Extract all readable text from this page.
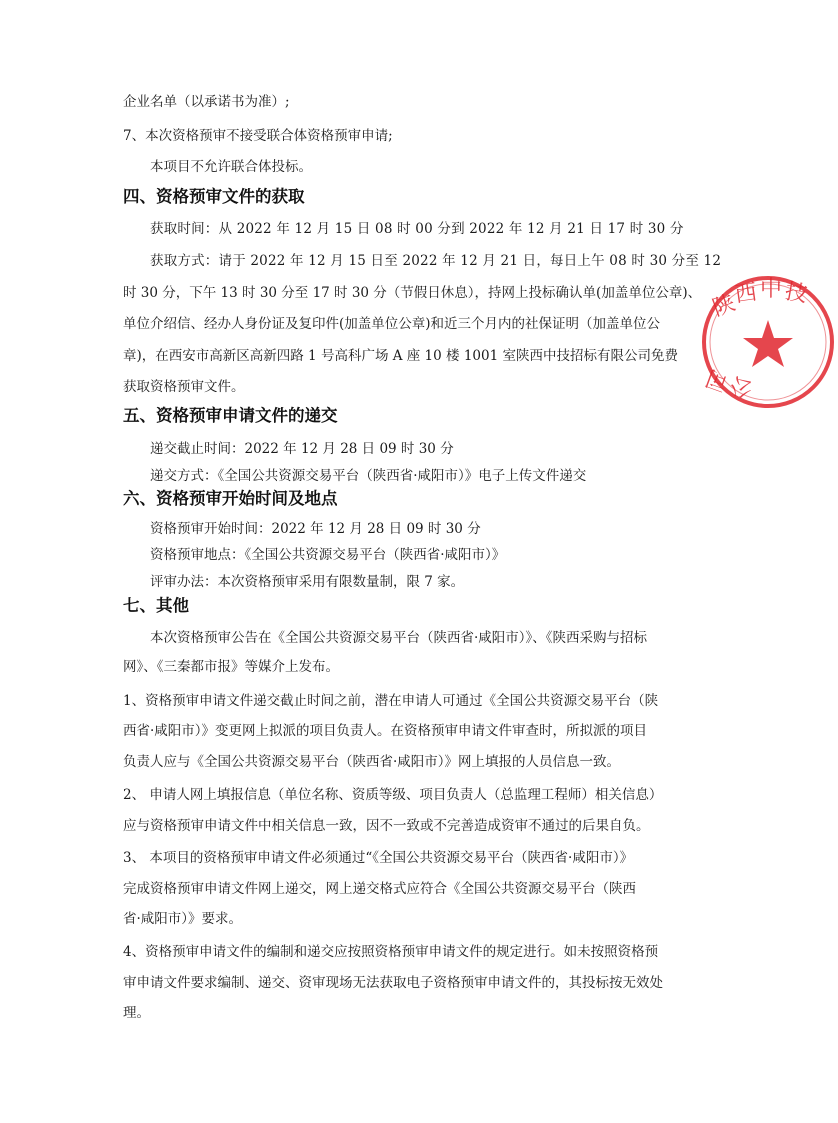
企业名单（以承诺书为准）;
7、本次资格预审不接受联合体资格预审申请;
本项目不允许联合体投标。
四、资格预审文件的获取
获取时间：从 2022 年 12 月 15 日 08 时 00 分到 2022 年 12 月 21 日 17 时 30 分
获取方式：请于 2022 年 12 月 15 日至 2022 年 12 月 21 日，每日上午 08 时 30 分至 12
时 30 分，下午 13 时 30 分至 17 时 30 分（节假日休息），持网上投标确认单(加盖单位公章)、
单位介绍信、经办人身份证及复印件(加盖单位公章)和近三个月内的社保证明（加盖单位公
章)，在西安市高新区高新四路 1 号高科广场 A 座 10 楼 1001 室陕西中技招标有限公司免费
获取资格预审文件。
五、资格预审申请文件的递交
递交截止时间：2022 年 12 月 28 日 09 时 30 分
递交方式：《全国公共资源交易平台（陕西省·咸阳市）》电子上传文件递交
六、资格预审开始时间及地点
资格预审开始时间：2022 年 12 月 28 日 09 时 30 分
资格预审地点：《全国公共资源交易平台（陕西省·咸阳市）》
评审办法：本次资格预审采用有限数量制，限 7 家。
七、其他
本次资格预审公告在《全国公共资源交易平台（陕西省·咸阳市）》、《陕西采购与招标
网》、《三秦都市报》等媒介上发布。
1、资格预审申请文件递交截止时间之前，潜在申请人可通过《全国公共资源交易平台（陕
西省·咸阳市）》变更网上拟派的项目负责人。在资格预审申请文件审查时，所拟派的项目
负责人应与《全国公共资源交易平台（陕西省·咸阳市）》网上填报的人员信息一致。
2、 申请人网上填报信息（单位名称、资质等级、项目负责人（总监理工程师）相关信息）
应与资格预审申请文件中相关信息一致，因不一致或不完善造成资审不通过的后果自负。
3、 本项目的资格预审申请文件必须通过“《全国公共资源交易平台（陕西省·咸阳市）》
完成资格预审申请文件网上递交，网上递交格式应符合《全国公共资源交易平台（陕西
省·咸阳市）》要求。
4、资格预审申请文件的编制和递交应按照资格预审申请文件的规定进行。如未按照资格预
审申请文件要求编制、递交、资审现场无法获取电子资格预审申请文件的，其投标按无效处
理。
陕
西 中 技
公
司
